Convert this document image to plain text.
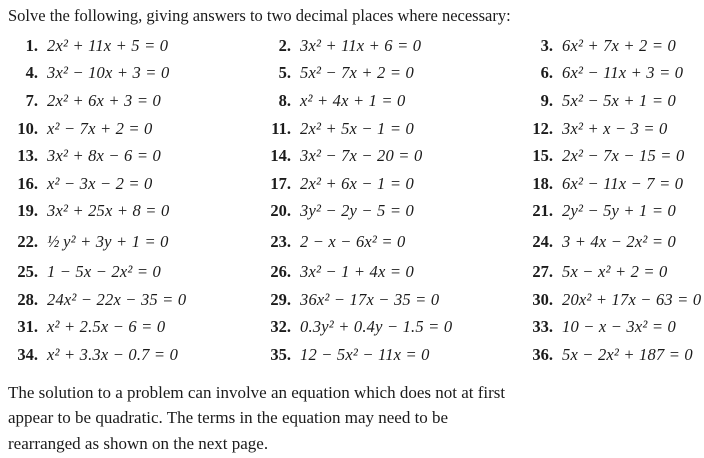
Solve the following, giving answers to two decimal places where necessary:

1. 2x² + 11x + 5 = 0	2. 3x² + 11x + 6 = 0	3. 6x² + 7x + 2 = 0
4. 3x² − 10x + 3 = 0	5. 5x² − 7x + 2 = 0	6. 6x² − 11x + 3 = 0
7. 2x² + 6x + 3 = 0	8. x² + 4x + 1 = 0	9. 5x² − 5x + 1 = 0
10. x² − 7x + 2 = 0	11. 2x² + 5x − 1 = 0	12. 3x² + x − 3 = 0
13. 3x² + 8x − 6 = 0	14. 3x² − 7x − 20 = 0	15. 2x² − 7x − 15 = 0
16. x² − 3x − 2 = 0	17. 2x² + 6x − 1 = 0	18. 6x² − 11x − 7 = 0
19. 3x² + 25x + 8 = 0	20. 3y² − 2y − 5 = 0	21. 2y² − 5y + 1 = 0
22. ½ y² + 3y + 1 = 0	23. 2 − x − 6x² = 0	24. 3 + 4x − 2x² = 0
25. 1 − 5x − 2x² = 0	26. 3x² − 1 + 4x = 0	27. 5x − x² + 2 = 0
28. 24x² − 22x − 35 = 0	29. 36x² − 17x − 35 = 0	30. 20x² + 17x − 63 = 0
31. x² + 2.5x − 6 = 0	32. 0.3y² + 0.4y − 1.5 = 0	33. 10 − x − 3x² = 0
34. x² + 3.3x − 0.7 = 0	35. 12 − 5x² − 11x = 0	36. 5x − 2x² + 187 = 0
The solution to a problem can involve an equation which does not at first
appear to be quadratic. The terms in the equation may need to be
rearranged as shown on the next page.
